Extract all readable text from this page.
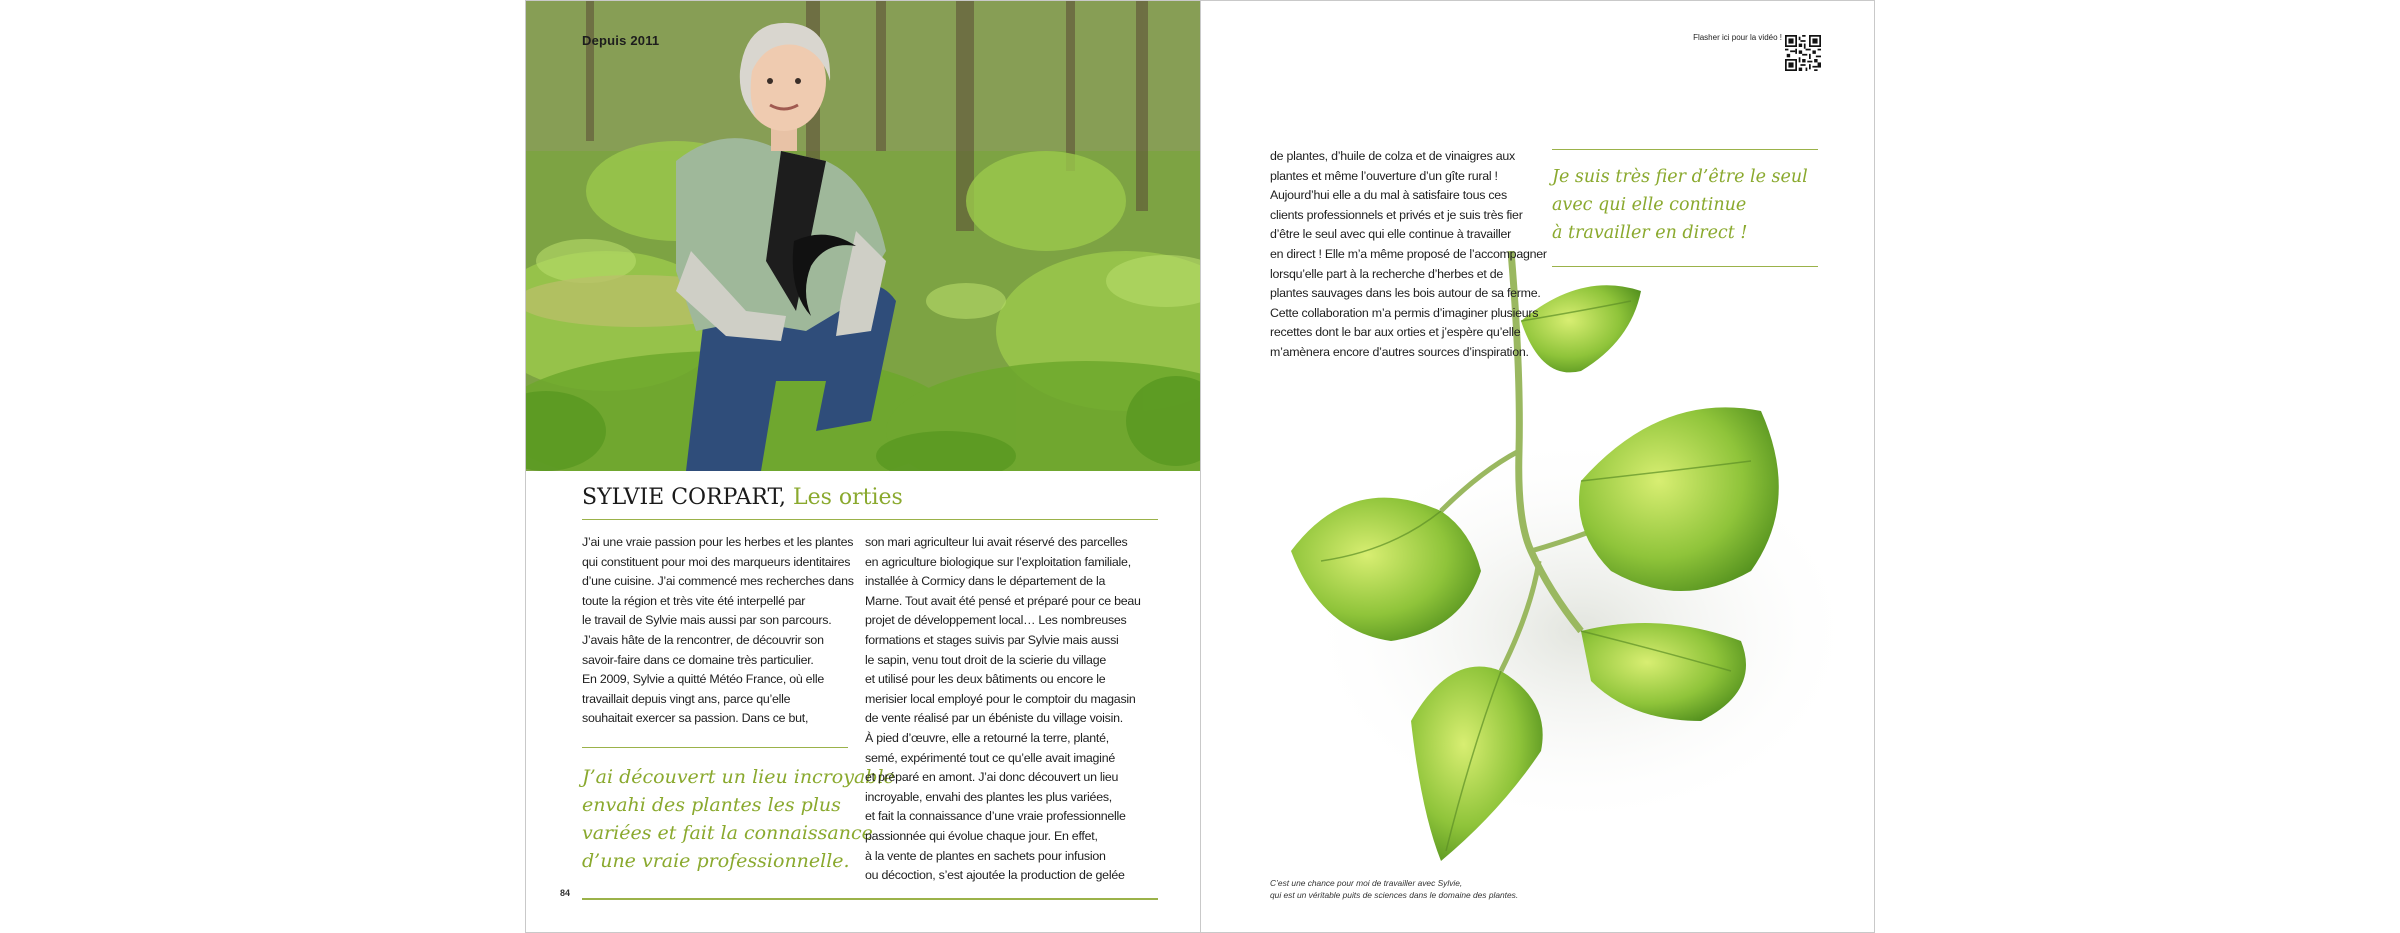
Depuis 2011
SYLVIE CORPART, Les orties

J’ai une vraie passion pour les herbes et les plantes

qui constituent pour moi des marqueurs identitaires

d’une cuisine. J’ai commencé mes recherches dans

toute la région et très vite été interpellé par

le travail de Sylvie mais aussi par son parcours.

J’avais hâte de la rencontrer, de découvrir son

savoir-faire dans ce domaine très particulier.

En 2009, Sylvie a quitté Météo France, où elle

travaillait depuis vingt ans, parce qu’elle

souhaitait exercer sa passion. Dans ce but,

J’ai découvert un lieu incroyable

envahi des plantes les plus

variées et fait la connaissance

d’une vraie professionnelle.

son mari agriculteur lui avait réservé des parcelles

en agriculture biologique sur l’exploitation familiale,

installée à Cormicy dans le département de la

Marne. Tout avait été pensé et préparé pour ce beau

projet de développement local… Les nombreuses

formations et stages suivis par Sylvie mais aussi

le sapin, venu tout droit de la scierie du village

et utilisé pour les deux bâtiments ou encore le

merisier local employé pour le comptoir du magasin

de vente réalisé par un ébéniste du village voisin.

À pied d’œuvre, elle a retourné la terre, planté,

semé, expérimenté tout ce qu’elle avait imaginé

et préparé en amont. J’ai donc découvert un lieu

incroyable, envahi des plantes les plus variées,

et fait la connaissance d’une vraie professionnelle

passionnée qui évolue chaque jour. En effet,

à la vente de plantes en sachets pour infusion

ou décoction, s’est ajoutée la production de gelée

84
Flasher ici pour la vidéo !

de plantes, d’huile de colza et de vinaigres aux

plantes et même l’ouverture d’un gîte rural !

Aujourd’hui elle a du mal à satisfaire tous ces

clients professionnels et privés et je suis très fier

d’être le seul avec qui elle continue à travailler

en direct ! Elle m’a même proposé de l’accompagner

lorsqu’elle part à la recherche d’herbes et de

plantes sauvages dans les bois autour de sa ferme.

Cette collaboration m’a permis d’imaginer plusieurs

recettes dont le bar aux orties et j’espère qu’elle

m’amènera encore d’autres sources d’inspiration.

Je suis très fier d’être le seul

avec qui elle continue

à travailler en direct !

C’est une chance pour moi de travailler avec Sylvie,

qui est un véritable puits de sciences dans le domaine des plantes.
